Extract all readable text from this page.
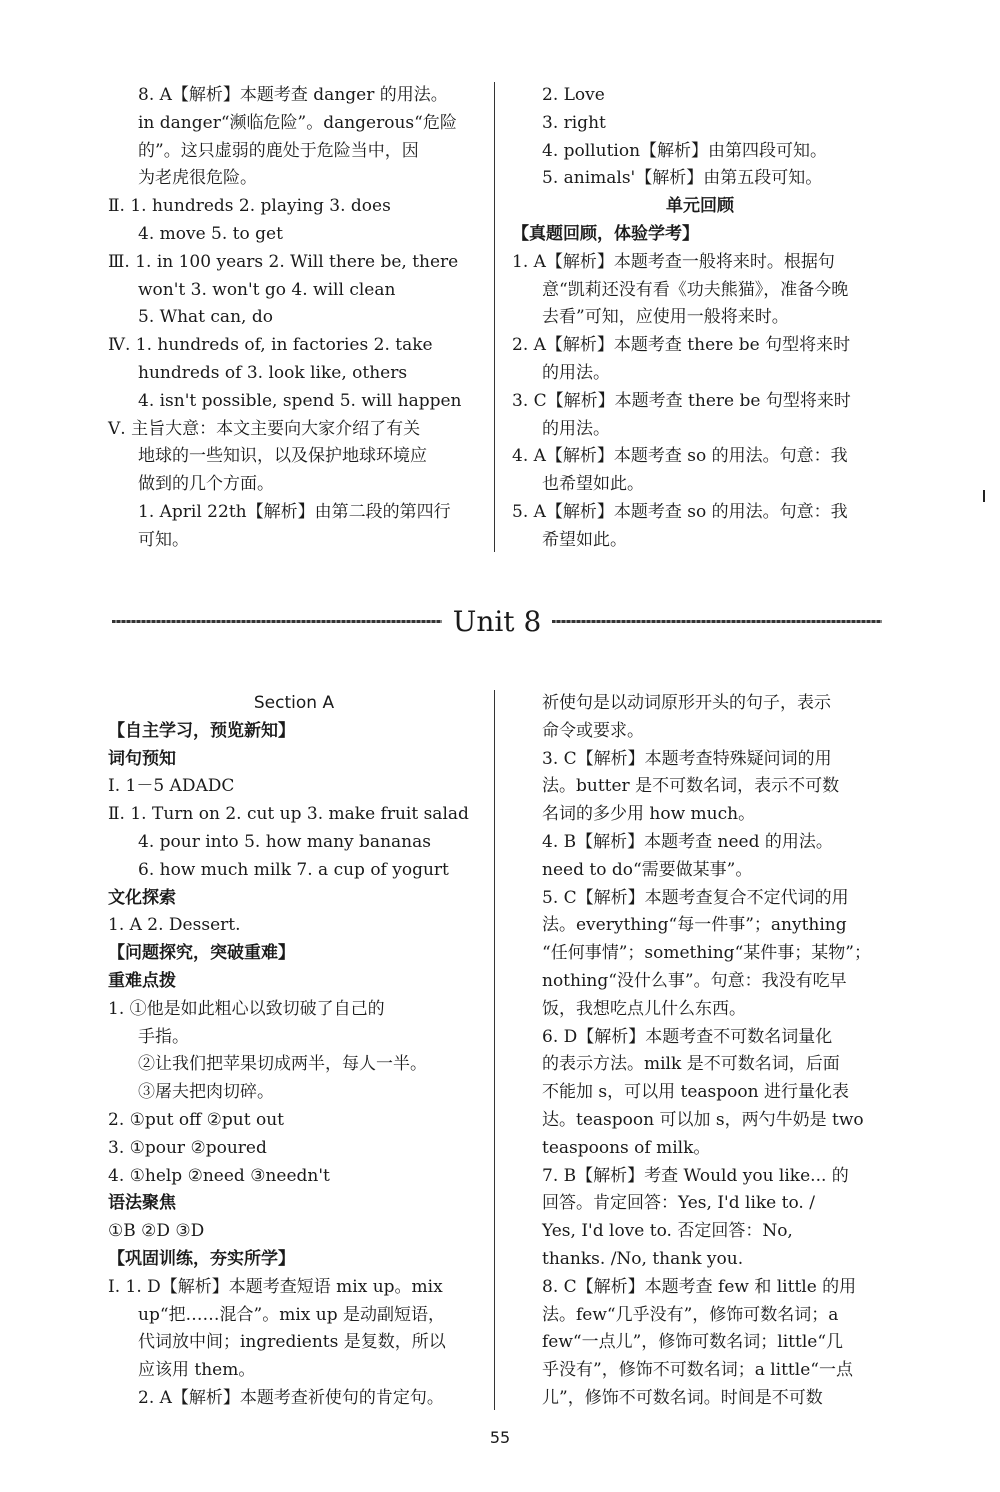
8. A【解析】本题考查 danger 的用法。
in danger“濒临危险”。dangerous“危险
的”。这只虚弱的鹿处于危险当中，因
为老虎很危险。
Ⅱ. 1. hundreds 2. playing 3. does
4. move 5. to get
Ⅲ. 1. in 100 years 2. Will there be, there
won't 3. won't go 4. will clean
5. What can, do
Ⅳ. 1. hundreds of, in factories 2. take
hundreds of 3. look like, others
4. isn't possible, spend 5. will happen
Ⅴ. 主旨大意：本文主要向大家介绍了有关
地球的一些知识，以及保护地球环境应
做到的几个方面。
1. April 22th【解析】由第二段的第四行
可知。
2. Love
3. right
4. pollution【解析】由第四段可知。
5. animals'【解析】由第五段可知。
单元回顾
【真题回顾，体验学考】
1. A【解析】本题考查一般将来时。根据句
意“凯莉还没有看《功夫熊猫》，准备今晚
去看”可知，应使用一般将来时。
2. A【解析】本题考查 there be 句型将来时
的用法。
3. C【解析】本题考查 there be 句型将来时
的用法。
4. A【解析】本题考查 so 的用法。句意：我
也希望如此。
5. A【解析】本题考查 so 的用法。句意：我
希望如此。
Unit 8
Section A
【自主学习，预览新知】
词句预知
Ⅰ. 1－5 ADADC
Ⅱ. 1. Turn on 2. cut up 3. make fruit salad
4. pour into 5. how many bananas
6. how much milk 7. a cup of yogurt
文化探索
1. A 2. Dessert.
【问题探究，突破重难】
重难点拨
1. ①他是如此粗心以致切破了自己的
手指。
②让我们把苹果切成两半，每人一半。
③屠夫把肉切碎。
2. ①put off ②put out
3. ①pour ②poured
4. ①help ②need ③needn't
语法聚焦
①B ②D ③D
【巩固训练，夯实所学】
Ⅰ. 1. D【解析】本题考查短语 mix up。mix
up“把……混合”。mix up 是动副短语，
代词放中间；ingredients 是复数，所以
应该用 them。
2. A【解析】本题考查祈使句的肯定句。
祈使句是以动词原形开头的句子，表示
命令或要求。
3. C【解析】本题考查特殊疑问词的用
法。butter 是不可数名词，表示不可数
名词的多少用 how much。
4. B【解析】本题考查 need 的用法。
need to do“需要做某事”。
5. C【解析】本题考查复合不定代词的用
法。everything“每一件事”；anything
“任何事情”；something“某件事；某物”；
nothing“没什么事”。句意：我没有吃早
饭，我想吃点儿什么东西。
6. D【解析】本题考查不可数名词量化
的表示方法。milk 是不可数名词，后面
不能加 s，可以用 teaspoon 进行量化表
达。teaspoon 可以加 s，两勺牛奶是 two
teaspoons of milk。
7. B【解析】考查 Would you like... 的
回答。肯定回答：Yes, I'd like to. /
Yes, I'd love to. 否定回答：No,
thanks. /No, thank you.
8. C【解析】本题考查 few 和 little 的用
法。few“几乎没有”，修饰可数名词；a
few“一点儿”，修饰可数名词；little“几
乎没有”，修饰不可数名词；a little“一点
儿”，修饰不可数名词。时间是不可数
55
